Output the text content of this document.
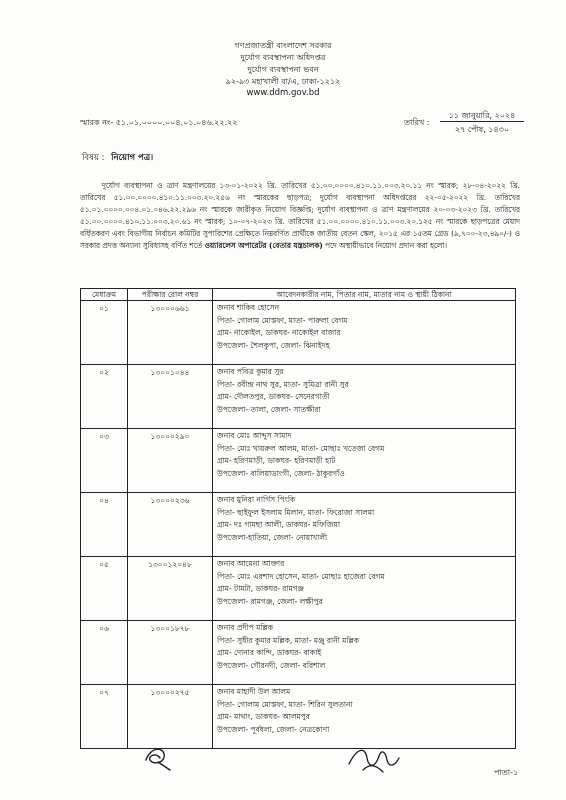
গণপ্রজাতন্ত্রী বাংলাদেশ সরকার
দুর্যোগ ব্যবস্থাপনা অধিদপ্তর
দুর্যোগ ব্যবস্থাপনা ভবন
৯২-৯৩ মহাখালী বা/এ, ঢাকা-১২১২
www.ddm.gov.bd
স্মারক নং- ৫১.০১.০০০০.০০৪.০১.০৪৬.২২.২২	তারিখ :
১১ জানুয়ারি, ২০২৪
২৭ পৌষ, ১৪৩০
বিষয় : নিয়োগ পত্র।

দুর্যোগ ব্যবস্থাপনা ও ত্রাণ মন্ত্রণালয়ের ১৩-০১-২০২২ খ্রি. তারিখের ৫১.০০.০০০০.৪১০.১১.০০৩.২০.১১ নং স্মারক; ২৮-০৪-২০২২ খ্রি. তারিখের ৫১.০০.০০০০.৪১০.১১.০০৩.২০.২৫৬ নং স্মারকের ছাড়পত্র; দুর্যোগ ব্যবস্থাপনা অধিদপ্তরের ২২-০৫-২০২২ খ্রি. তারিখের ৫১.০১.০০০০.০০৪.০১.০৪৬.২২.২৯৬ নং স্মারকে জারীকৃত নিয়োগ বিজ্ঞপ্তি; দুর্যোগ ব্যবস্থাপনা ও ত্রাণ মন্ত্রণালয়ের ২০-০৩-২০২৩ খ্রি. তারিখের ৫১.০০.০০০০.৪১০.১১.০০৩.২০.৬১ নং স্মারক; ১০-০৭-২০২৩ খ্রি. তারিখের ৫১.০০.০০০০.৪১০.১১.০০৩.২০.১২৫ নং স্মারকে ছাড়পত্রের মেয়াদ বর্ধিতকরণ এবং বিভাগীয় নির্বাচন কমিটির সুপারিশের প্রেক্ষিতে নিম্নবর্ণিত প্রার্থীকে জাতীয় বেতন স্কেল, ২০১৫ এর ১৫তম গ্রেড (৯,৭০০-২৩,৪৯০/-) ও সরকার প্রদত্ত অন্যান্য সুবিধাসহ বর্ণিত শর্তে ওয়্যারলেস অপারেটর (বেতার যন্ত্রচালক) পদে অস্থায়ীভাবে নিয়োগ প্রদান করা হলো।

মেধাক্রম	পরীক্ষার রোল নম্বর	আবেদনকারীর নাম, পিতার নাম, মাতার নাম ও স্থায়ী ঠিকানা
০১	১৩০০০৬৬১	জনাব শাকিব হোসেন
পিতা- গোলাম মোস্তফা, মাতা- পারুলা বেগম
গ্রাম- নাকোইল, ডাকঘর- নাকোইল বাজার
উপজেলা- শৈলকুপা, জেলা- ঝিনাইদহ

০২	১৩০০১০৪৪	জনাব পবিত্র কুমার সুর
পিতা- রবীন্দ্র নাথ সুর, মাতা- সুমিত্রা রানী সুর
গ্রাম- দৌলতপুর, ডাকঘর- সেনেরগাতী
উপজেলা- তালা, জেলা- সাতক্ষীরা

০৩	১৩০০০২৯০	জনাব মোঃ আব্দুস সামাদ
পিতা- মোঃ খায়রুল আলম, মাতা- মোছাঃ খতেজা বেগম
গ্রাম- হরিণমাড়ী, ডাকঘর- হরিণমাড়ী হাট
উপজেলা- বালিয়াডাংগী, জেলা- ঠাকুরগাঁও

০৪	১৩০০০২৩৬	জনাব মুনিরা নার্গিস পিংকি
পিতা- ছাইফুল ইসলাম মিলান, মাতা- ফিরোজা সালমা
গ্রাম- দঃ গামছা আলী, ডাকঘর- মফিজিয়া
উপজেলা-হাতিয়া, জেলা- নোয়াখালী

০৫	১৩০০১২০৪৮	জনাব আমেনা আক্তার
পিতা- মোঃ এরশাদ হোসেন, মাতা- মোছাঃ হাজেরা বেগম
গ্রাম- টামটা, ডাকঘর- রামগঞ্জ
উপজেলা- রামগঞ্জ, জেলা- লক্ষীপুর

০৬	১৩০০১৮৭৮	জনাব প্রদীপ মল্লিক
পিতা- সুধীর কুমার মল্লিক, মাতা- মঞ্জু রানী মল্লিক
গ্রাম- দোনার কান্দি, ডাকঘর- বাকাই
উপজেলা- গৌরনদী, জেলা- বরিশাল

০৭	১৩০০০২৭৫	জনাব মাহাদী উল আলম
পিতা- গোলাম মোস্তফা, মাতা- শিরিন সুলতানা
গ্রাম- মাথাং, ডাকঘর- আলমপুর
উপজেলা- পূর্বধলা, জেলা- নেত্রকোণা
পাতা-১
